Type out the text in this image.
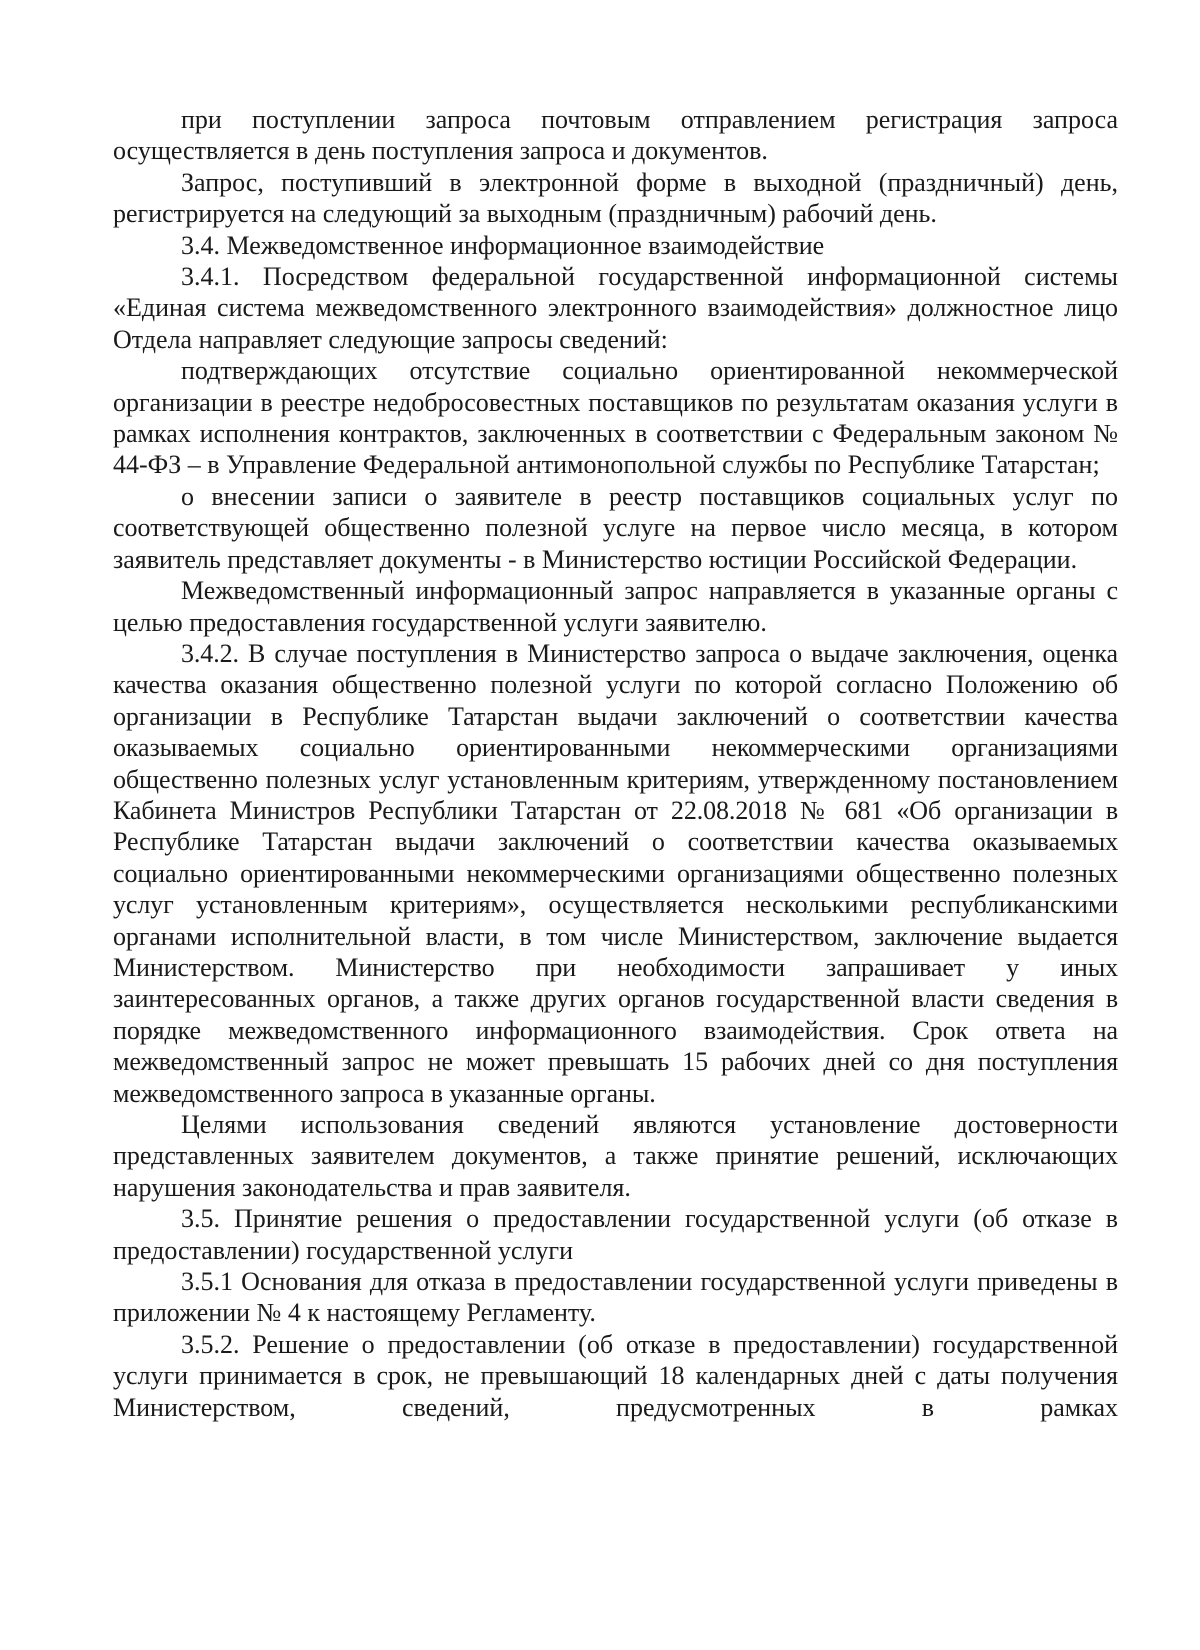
при поступлении запроса почтовым отправлением регистрация запроса осуществляется в день поступления запроса и документов.

Запрос, поступивший в электронной форме в выходной (праздничный) день, регистрируется на следующий за выходным (праздничным) рабочий день.

3.4. Межведомственное информационное взаимодействие

3.4.1. Посредством федеральной государственной информационной системы «Единая система межведомственного электронного взаимодействия» должностное лицо Отдела направляет следующие запросы сведений:

подтверждающих отсутствие социально ориентированной некоммерческой организации в реестре недобросовестных поставщиков по результатам оказания услуги в рамках исполнения контрактов, заключенных в соответствии с Федеральным законом № 44-ФЗ – в Управление Федеральной антимонопольной службы по Республике Татарстан;

о внесении записи о заявителе в реестр поставщиков социальных услуг по соответствующей общественно полезной услуге на первое число месяца, в котором заявитель представляет документы - в Министерство юстиции Российской Федерации.

Межведомственный информационный запрос направляется в указанные органы с целью предоставления государственной услуги заявителю.

3.4.2. В случае поступления в Министерство запроса о выдаче заключения, оценка качества оказания общественно полезной услуги по которой согласно Положению об организации в Республике Татарстан выдачи заключений о соответствии качества оказываемых социально ориентированными некоммерческими организациями общественно полезных услуг установленным критериям, утвержденному постановлением Кабинета Министров Республики Татарстан от 22.08.2018 № 681 «Об организации в Республике Татарстан выдачи заключений о соответствии качества оказываемых социально ориентированными некоммерческими организациями общественно полезных услуг установленным критериям», осуществляется несколькими республиканскими органами исполнительной власти, в том числе Министерством, заключение выдается Министерством. Министерство при необходимости запрашивает у иных заинтересованных органов, а также других органов государственной власти сведения в порядке межведомственного информационного взаимодействия. Срок ответа на межведомственный запрос не может превышать 15 рабочих дней со дня поступления межведомственного запроса в указанные органы.

Целями использования сведений являются установление достоверности представленных заявителем документов, а также принятие решений, исключающих нарушения законодательства и прав заявителя.

3.5. Принятие решения о предоставлении государственной услуги (об отказе в предоставлении) государственной услуги

3.5.1 Основания для отказа в предоставлении государственной услуги приведены в приложении № 4 к настоящему Регламенту.

3.5.2. Решение о предоставлении (об отказе в предоставлении) государственной услуги принимается в срок, не превышающий 18 календарных дней с даты получения Министерством, сведений, предусмотренных в рамках
